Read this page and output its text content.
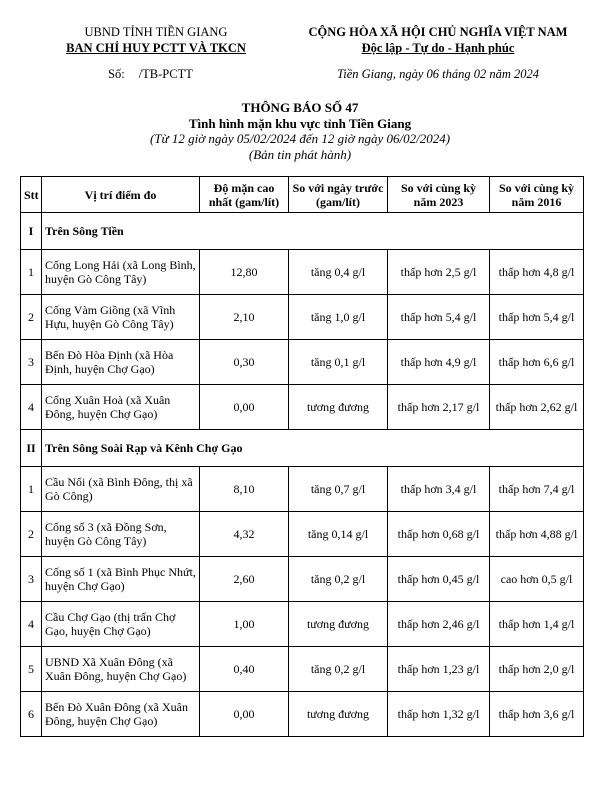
UBND TỈNH TIỀN GIANG
BAN CHỈ HUY PCTT VÀ TKCN
CỘNG HÒA XÃ HỘI CHỦ NGHĨA VIỆT NAM
Độc lập - Tự do - Hạnh phúc
Số: /TB-PCTT	Tiền Giang, ngày 06 tháng 02 năm 2024
THÔNG BÁO SỐ 47
Tình hình mặn khu vực tỉnh Tiền Giang
(Từ 12 giờ ngày 05/02/2024 đến 12 giờ ngày 06/02/2024)
(Bản tin phát hành)
Stt	Vị trí điểm đo	Độ mặn cao nhất (gam/lít)	So với ngày trước (gam/lít)	So với cùng kỳ năm 2023	So với cùng kỳ năm 2016
I	Trên Sông Tiền				
1	Cống Long Hải (xã Long Bình, huyện Gò Công Tây)	12,80	tăng 0,4 g/l	thấp hơn 2,5 g/l	thấp hơn 4,8 g/l
2	Cống Vàm Giồng (xã Vĩnh Hựu, huyện Gò Công Tây)	2,10	tăng 1,0 g/l	thấp hơn 5,4 g/l	thấp hơn 5,4 g/l
3	Bến Đò Hòa Định (xã Hòa Định, huyện Chợ Gạo)	0,30	tăng 0,1 g/l	thấp hơn 4,9 g/l	thấp hơn 6,6 g/l
4	Cống Xuân Hoà (xã Xuân Đông, huyện Chợ Gạo)	0,00	tương đương	thấp hơn 2,17 g/l	thấp hơn 2,62 g/l
II	Trên Sông Soài Rạp và Kênh Chợ Gạo				
1	Cầu Nổi (xã Bình Đông, thị xã Gò Công)	8,10	tăng 0,7 g/l	thấp hơn 3,4 g/l	thấp hơn 7,4 g/l
2	Cống số 3 (xã Đồng Sơn, huyện Gò Công Tây)	4,32	tăng 0,14 g/l	thấp hơn 0,68 g/l	thấp hơn 4,88 g/l
3	Cống số 1 (xã Bình Phục Nhứt, huyện Chợ Gạo)	2,60	tăng 0,2 g/l	thấp hơn 0,45 g/l	cao hơn 0,5 g/l
4	Cầu Chợ Gạo (thị trấn Chợ Gạo, huyện Chợ Gạo)	1,00	tương đương	thấp hơn 2,46 g/l	thấp hơn 1,4 g/l
5	UBND Xã Xuân Đông (xã Xuân Đông, huyện Chợ Gạo)	0,40	tăng 0,2 g/l	thấp hơn 1,23 g/l	thấp hơn 2,0 g/l
6	Bến Đò Xuân Đông (xã Xuân Đông, huyện Chợ Gạo)	0,00	tương đương	thấp hơn 1,32 g/l	thấp hơn 3,6 g/l
